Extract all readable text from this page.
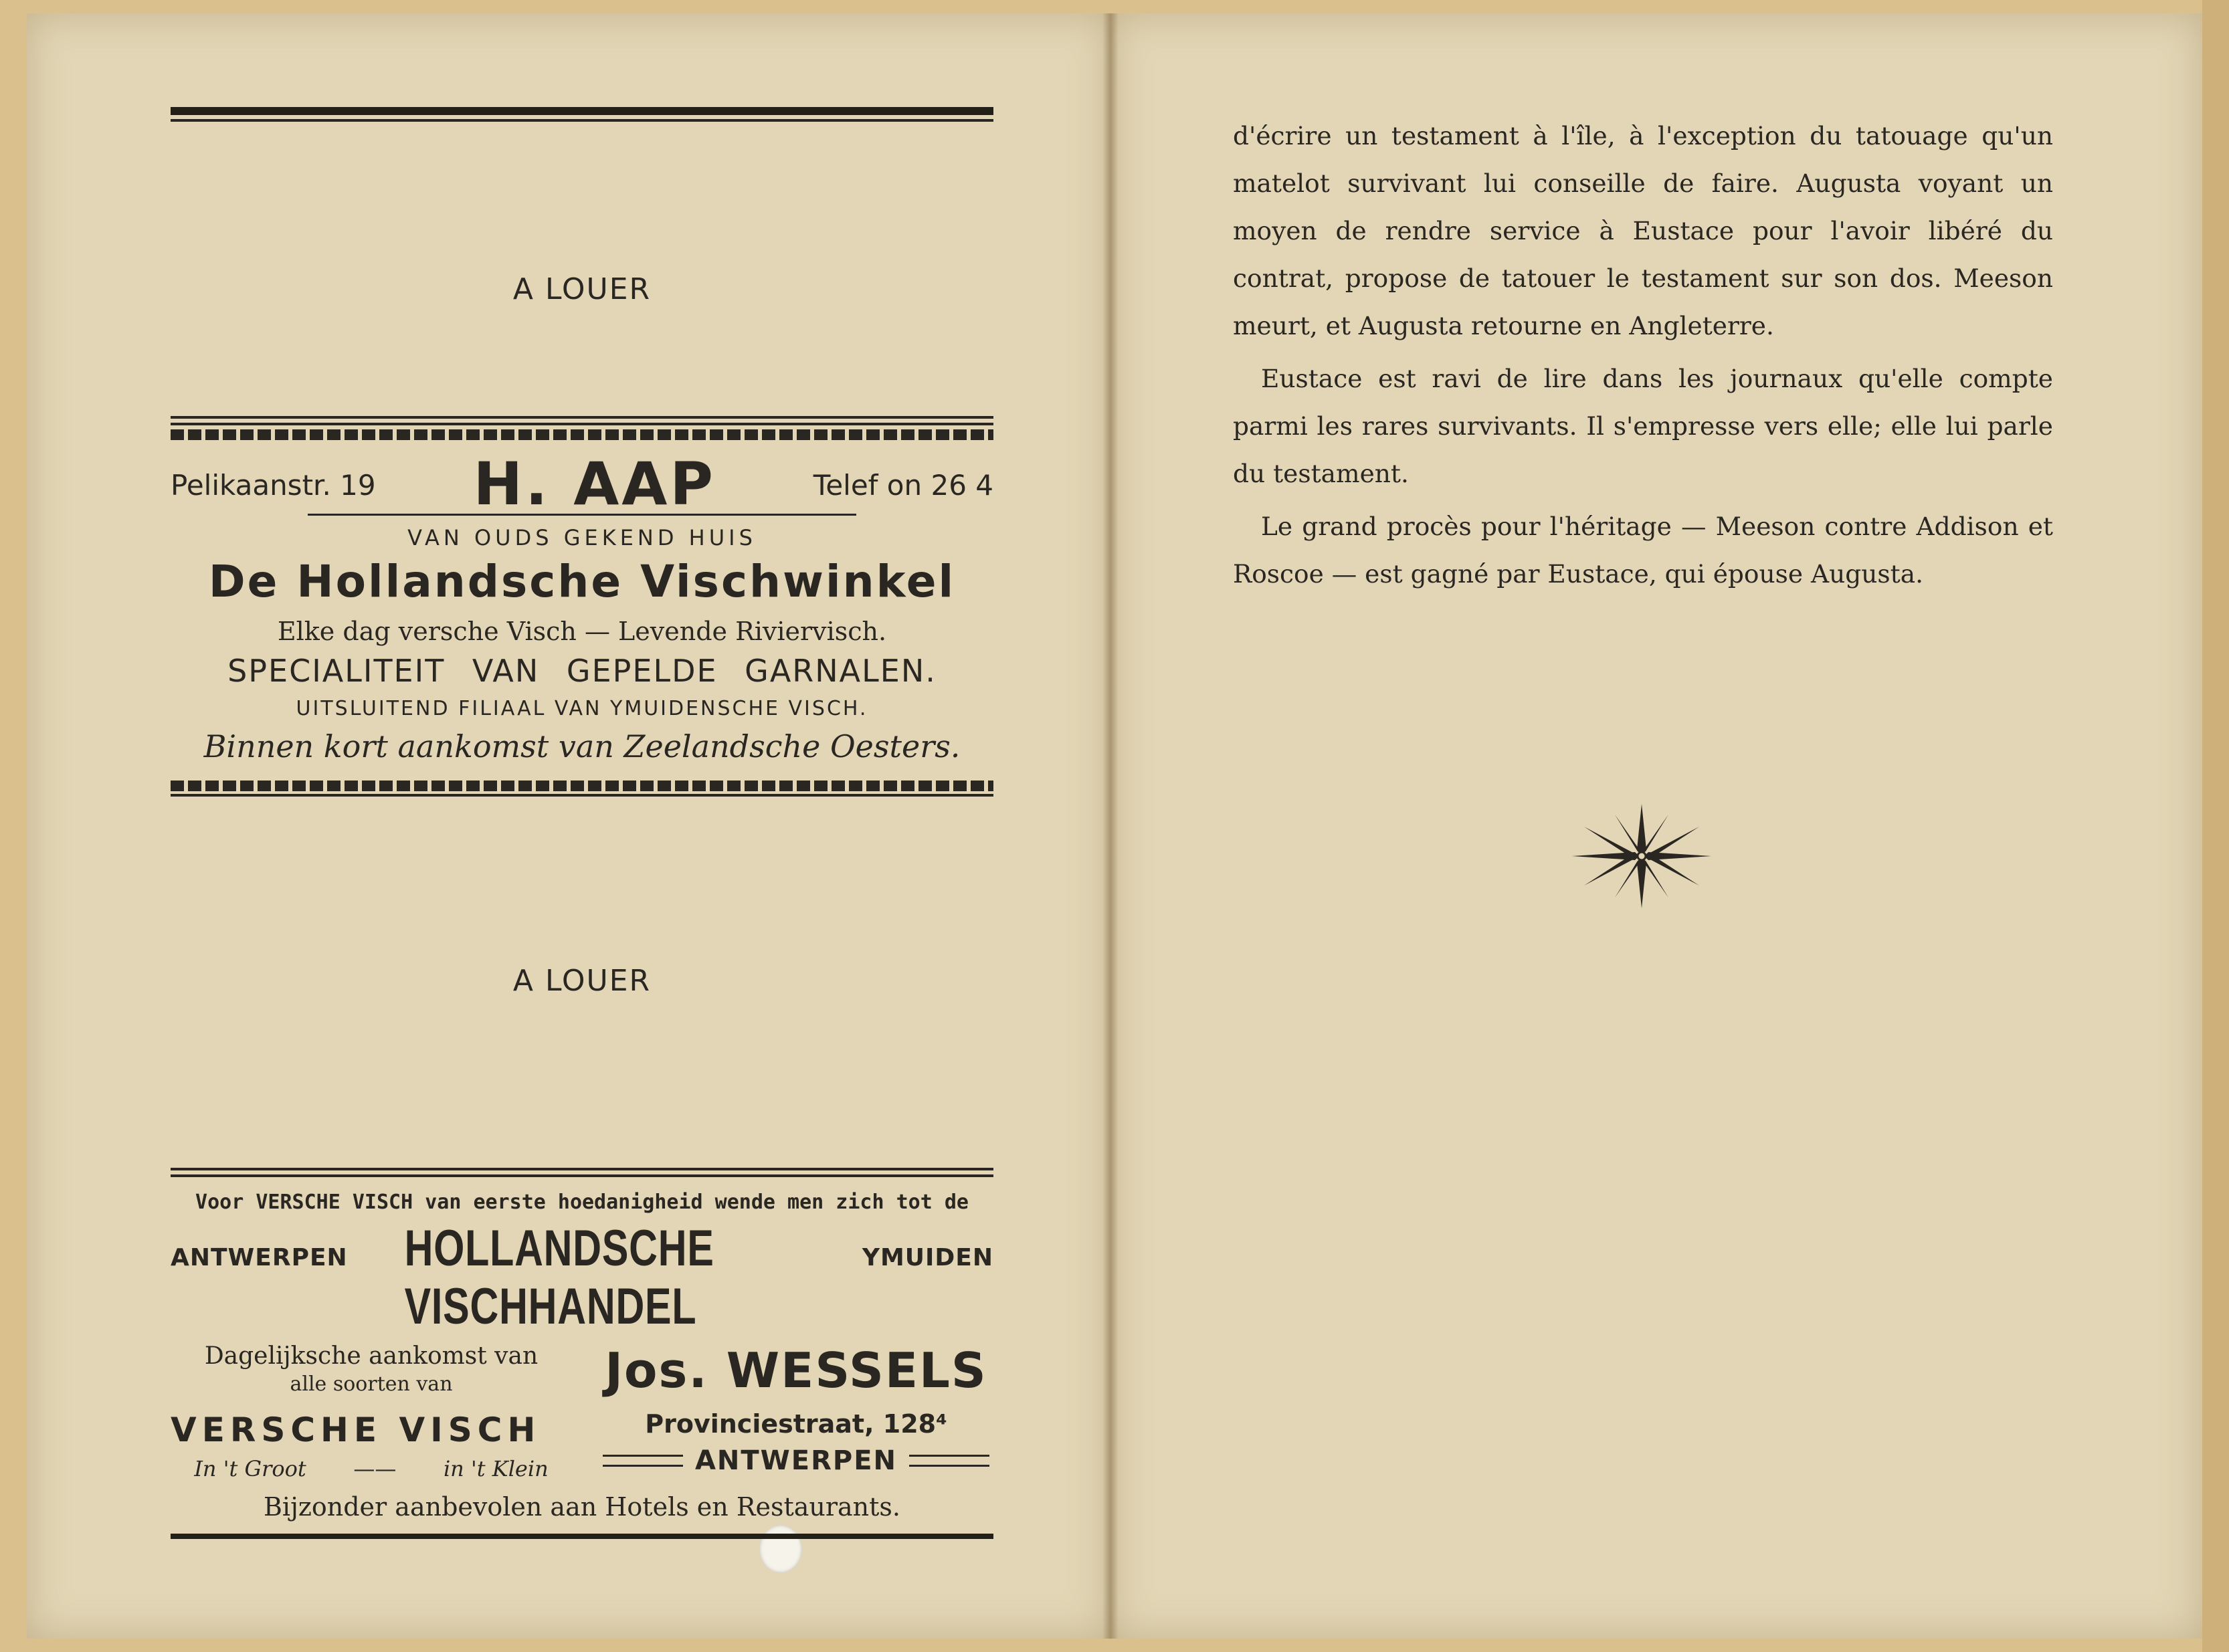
A LOUER
Pelikaanstr. 19 H. AAP	Telef on 26 4
VAN OUDS GEKEND HUIS
De Hollandsche Vischwinkel
Elke dag versche Visch — Levende Riviervisch.
SPECIALITEIT VAN GEPELDE GARNALEN.
UITSLUITEND FILIAAL VAN YMUIDENSCHE VISCH.
Binnen kort aankomst van Zeelandsche Oesters.
A LOUER
Voor VERSCHE VISCH van eerste hoedanigheid wende men zich tot de
ANTWERPEN HOLLANDSCHE VISCHHANDEL
YMUIDEN
Dagelijksche aankomst van
alle soorten van
VERSCHE VISCH
In 't Groot —— in 't Klein
Jos. WESSELS
Provinciestraat, 128⁴
ANTWERPEN
Bijzonder aanbevolen aan Hotels en Restaurants.

d'écrire un testament à l'île, à l'exception du tatouage qu'un matelot survivant lui conseille de faire. Augusta voyant un moyen de rendre service à Eustace pour l'avoir libéré du contrat, propose de tatouer le testament sur son dos. Meeson meurt, et Augusta retourne en Angleterre.

Eustace est ravi de lire dans les journaux qu'elle compte parmi les rares survivants. Il s'empresse vers elle; elle lui parle du testament.

Le grand procès pour l'héritage — Meeson contre Addison et Roscoe — est gagné par Eustace, qui épouse Augusta.
